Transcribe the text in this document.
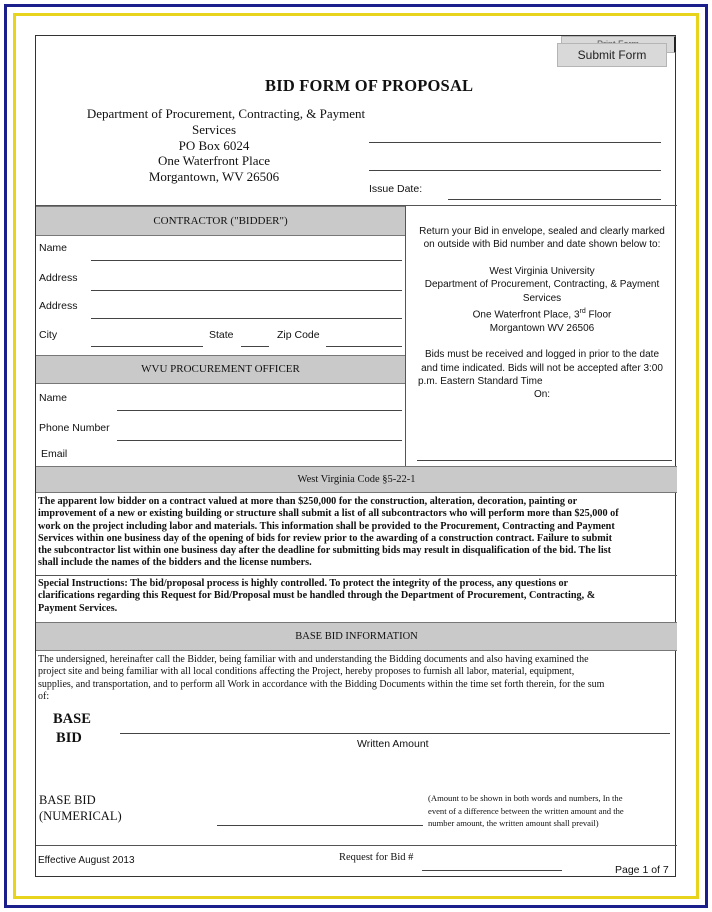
Submit Form
BID FORM OF PROPOSAL
Department of Procurement, Contracting, & Payment
Services
PO Box 6024
One Waterfront Place
Morgantown, WV 26506
Issue Date:
CONTRACTOR ("BIDDER")
Name
Address
Address
City	State	Zip Code
WVU PROCUREMENT OFFICER
Name
Phone Number
Email
Return your Bid in envelope, sealed and clearly marked
on outside with Bid number and date shown below to:
West Virginia University
Department of Procurement, Contracting, & Payment
Services
One Waterfront Place, 3rd Floor
Morgantown WV 26506
Bids must be received and logged in prior to the date
and time indicated. Bids will not be accepted after 3:00
p.m. Eastern Standard Time
On:
West Virginia Code §5-22-1
The apparent low bidder on a contract valued at more than $250,000 for the construction, alteration, decoration, painting or
improvement of a new or existing building or structure shall submit a list of all subcontractors who will perform more than $25,000 of
work on the project including labor and materials. This information shall be provided to the Procurement, Contracting and Payment
Services within one business day of the opening of bids for review prior to the awarding of a construction contract. Failure to submit
the subcontractor list within one business day after the deadline for submitting bids may result in disqualification of the bid. The list
shall include the names of the bidders and the license numbers.
Special Instructions: The bid/proposal process is highly controlled. To protect the integrity of the process, any questions or
clarifications regarding this Request for Bid/Proposal must be handled through the Department of Procurement, Contracting, &
Payment Services.
BASE BID INFORMATION
The undersigned, hereinafter call the Bidder, being familiar with and understanding the Bidding documents and also having examined the
project site and being familiar with all local conditions affecting the Project, hereby proposes to furnish all labor, material, equipment,
supplies, and transportation, and to perform all Work in accordance with the Bidding Documents within the time set forth therein, for the sum
of:
BASE
BID	Written Amount
BASE BID
(NUMERICAL)
(Amount to be shown in both words and numbers, In the
event of a difference between the written amount and the
number amount, the written amount shall prevail)
Effective August 2013	Request for Bid #
Page 1 of 7
